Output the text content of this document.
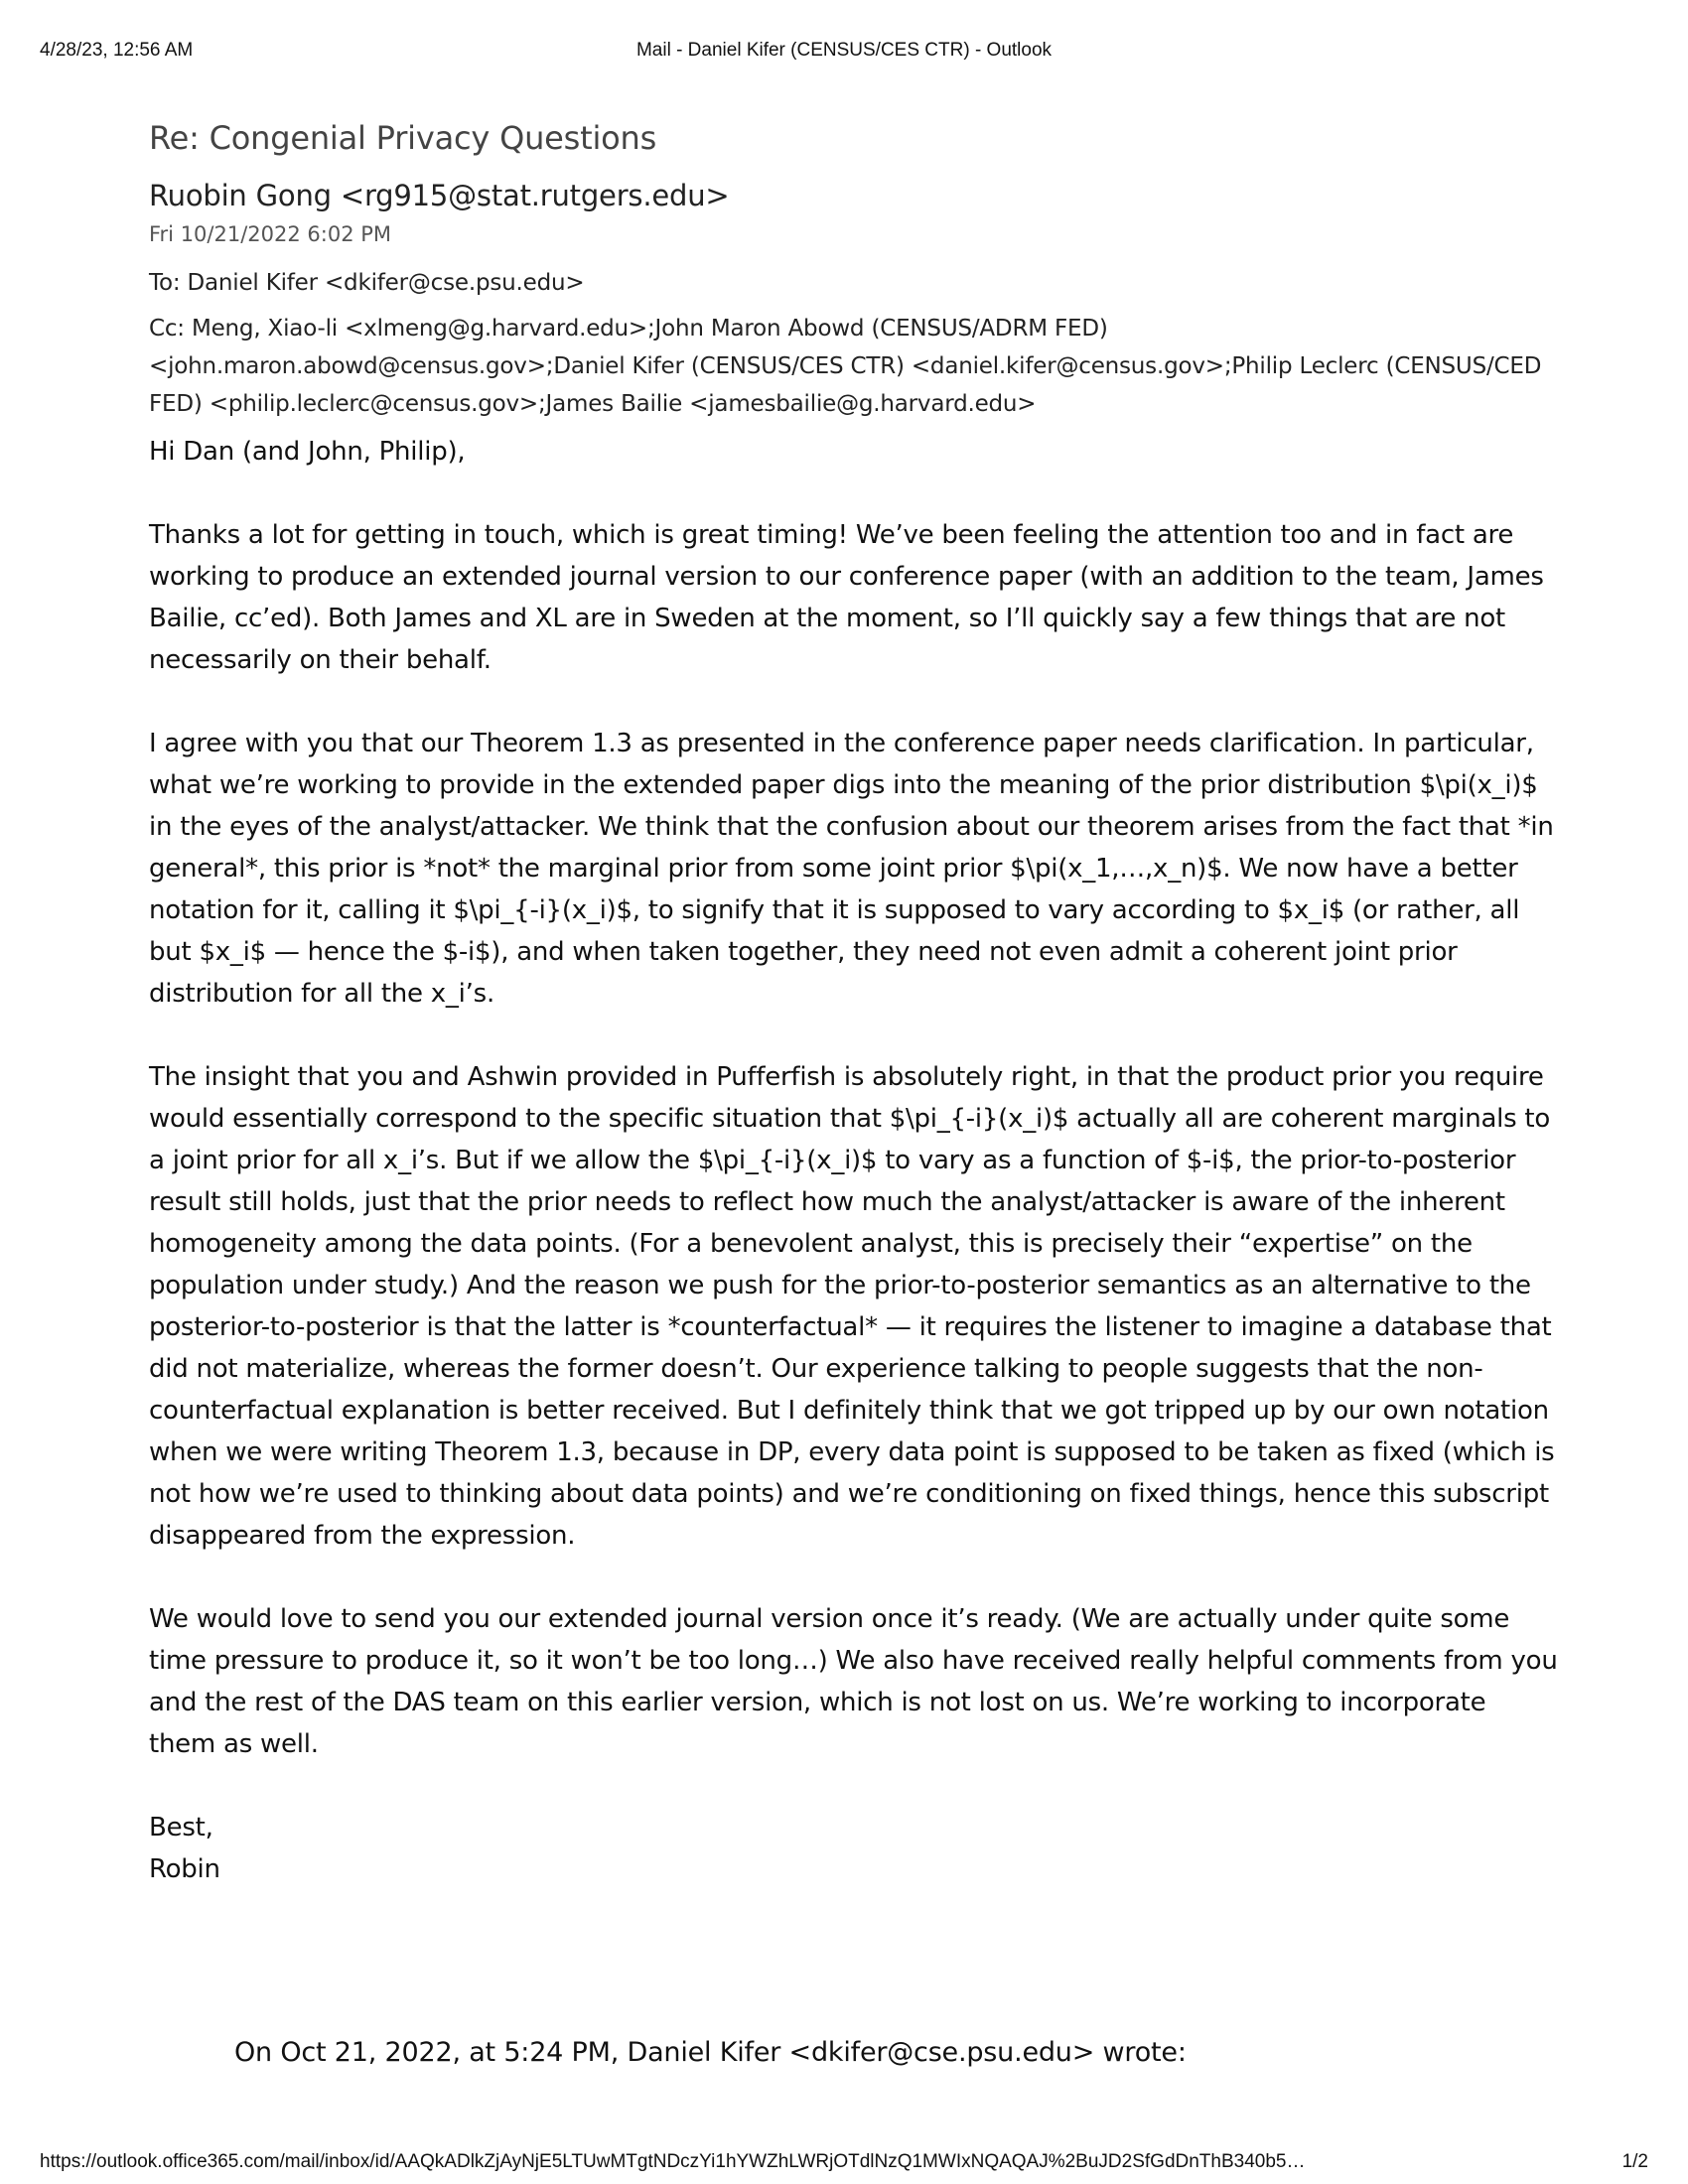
4/28/23, 12:56 AM	Mail - Daniel Kifer (CENSUS/CES CTR) - Outlook
Re: Congenial Privacy Questions
Ruobin Gong <rg915@stat.rutgers.edu>
Fri 10/21/2022 6:02 PM
To: Daniel Kifer <dkifer@cse.psu.edu>
Cc: Meng, Xiao-li <xlmeng@g.harvard.edu>;John Maron Abowd (CENSUS/ADRM FED) <john.maron.abowd@census.gov>;Daniel Kifer (CENSUS/CES CTR) <daniel.kifer@census.gov>;Philip Leclerc (CENSUS/CED FED) <philip.leclerc@census.gov>;James Bailie <jamesbailie@g.harvard.edu>

Hi Dan (and John, Philip),

Thanks a lot for getting in touch, which is great timing! We’ve been feeling the attention too and in fact are working to produce an extended journal version to our conference paper (with an addition to the team, James Bailie, cc’ed). Both James and XL are in Sweden at the moment, so I’ll quickly say a few things that are not necessarily on their behalf.

I agree with you that our Theorem 1.3 as presented in the conference paper needs clarification. In particular, what we’re working to provide in the extended paper digs into the meaning of the prior distribution $\pi(x_i)$ in the eyes of the analyst/attacker. We think that the confusion about our theorem arises from the fact that *in general*, this prior is *not* the marginal prior from some joint prior $\pi(x_1,…,x_n)$. We now have a better notation for it, calling it $\pi_{-i}(x_i)$, to signify that it is supposed to vary according to $x_i$ (or rather, all but $x_i$ — hence the $-i$), and when taken together, they need not even admit a coherent joint prior distribution for all the x_i’s.

The insight that you and Ashwin provided in Pufferfish is absolutely right, in that the product prior you require would essentially correspond to the specific situation that $\pi_{-i}(x_i)$ actually all are coherent marginals to a joint prior for all x_i’s. But if we allow the $\pi_{-i}(x_i)$ to vary as a function of $-i$, the prior-to-posterior result still holds, just that the prior needs to reflect how much the analyst/attacker is aware of the inherent homogeneity among the data points. (For a benevolent analyst, this is precisely their “expertise” on the population under study.) And the reason we push for the prior-to-posterior semantics as an alternative to the posterior-to-posterior is that the latter is *counterfactual* — it requires the listener to imagine a database that did not materialize, whereas the former doesn’t. Our experience talking to people suggests that the non-counterfactual explanation is better received. But I definitely think that we got tripped up by our own notation when we were writing Theorem 1.3, because in DP, every data point is supposed to be taken as fixed (which is not how we’re used to thinking about data points) and we’re conditioning on fixed things, hence this subscript disappeared from the expression.

We would love to send you our extended journal version once it’s ready. (We are actually under quite some time pressure to produce it, so it won’t be too long…) We also have received really helpful comments from you and the rest of the DAS team on this earlier version, which is not lost on us. We’re working to incorporate them as well.

Best,
Robin
On Oct 21, 2022, at 5:24 PM, Daniel Kifer <dkifer@cse.psu.edu> wrote:
https://outlook.office365.com/mail/inbox/id/AAQkADlkZjAyNjE5LTUwMTgtNDczYi1hYWZhLWRjOTdlNzQ1MWIxNQAQAJ%2BuJD2SfGdDnThB340b5…	1/2
